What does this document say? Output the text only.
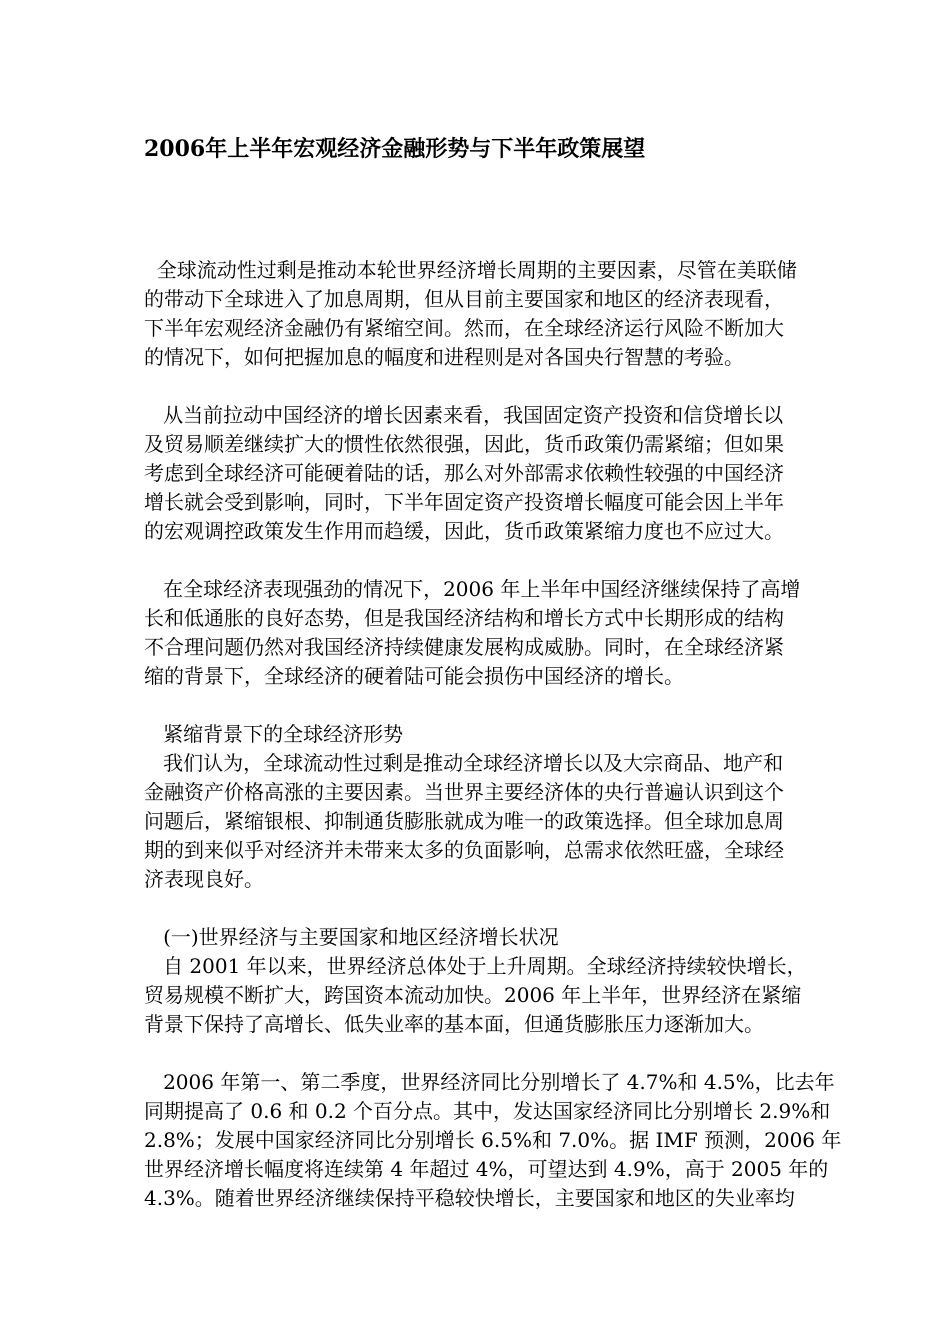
2006年上半年宏观经济金融形势与下半年政策展望
全球流动性过剩是推动本轮世界经济增长周期的主要因素，尽管在美联储
的带动下全球进入了加息周期，但从目前主要国家和地区的经济表现看，
下半年宏观经济金融仍有紧缩空间。然而，在全球经济运行风险不断加大
的情况下，如何把握加息的幅度和进程则是对各国央行智慧的考验。
从当前拉动中国经济的增长因素来看，我国固定资产投资和信贷增长以
及贸易顺差继续扩大的惯性依然很强，因此，货币政策仍需紧缩；但如果
考虑到全球经济可能硬着陆的话，那么对外部需求依赖性较强的中国经济
增长就会受到影响，同时，下半年固定资产投资增长幅度可能会因上半年
的宏观调控政策发生作用而趋缓，因此，货币政策紧缩力度也不应过大。
在全球经济表现强劲的情况下，2006 年上半年中国经济继续保持了高增
长和低通胀的良好态势，但是我国经济结构和增长方式中长期形成的结构
不合理问题仍然对我国经济持续健康发展构成威胁。同时，在全球经济紧
缩的背景下，全球经济的硬着陆可能会损伤中国经济的增长。
紧缩背景下的全球经济形势
我们认为，全球流动性过剩是推动全球经济增长以及大宗商品、地产和
金融资产价格高涨的主要因素。当世界主要经济体的央行普遍认识到这个
问题后，紧缩银根、抑制通货膨胀就成为唯一的政策选择。但全球加息周
期的到来似乎对经济并未带来太多的负面影响，总需求依然旺盛，全球经
济表现良好。
(一)世界经济与主要国家和地区经济增长状况
自 2001 年以来，世界经济总体处于上升周期。全球经济持续较快增长，
贸易规模不断扩大，跨国资本流动加快。2006 年上半年，世界经济在紧缩
背景下保持了高增长、低失业率的基本面，但通货膨胀压力逐渐加大。
2006 年第一、第二季度，世界经济同比分别增长了 4.7%和 4.5%，比去年
同期提高了 0.6 和 0.2 个百分点。其中，发达国家经济同比分别增长 2.9%和
2.8%；发展中国家经济同比分别增长 6.5%和 7.0%。据 IMF 预测，2006 年
世界经济增长幅度将连续第 4 年超过 4%，可望达到 4.9%，高于 2005 年的
4.3%。随着世界经济继续保持平稳较快增长，主要国家和地区的失业率均
